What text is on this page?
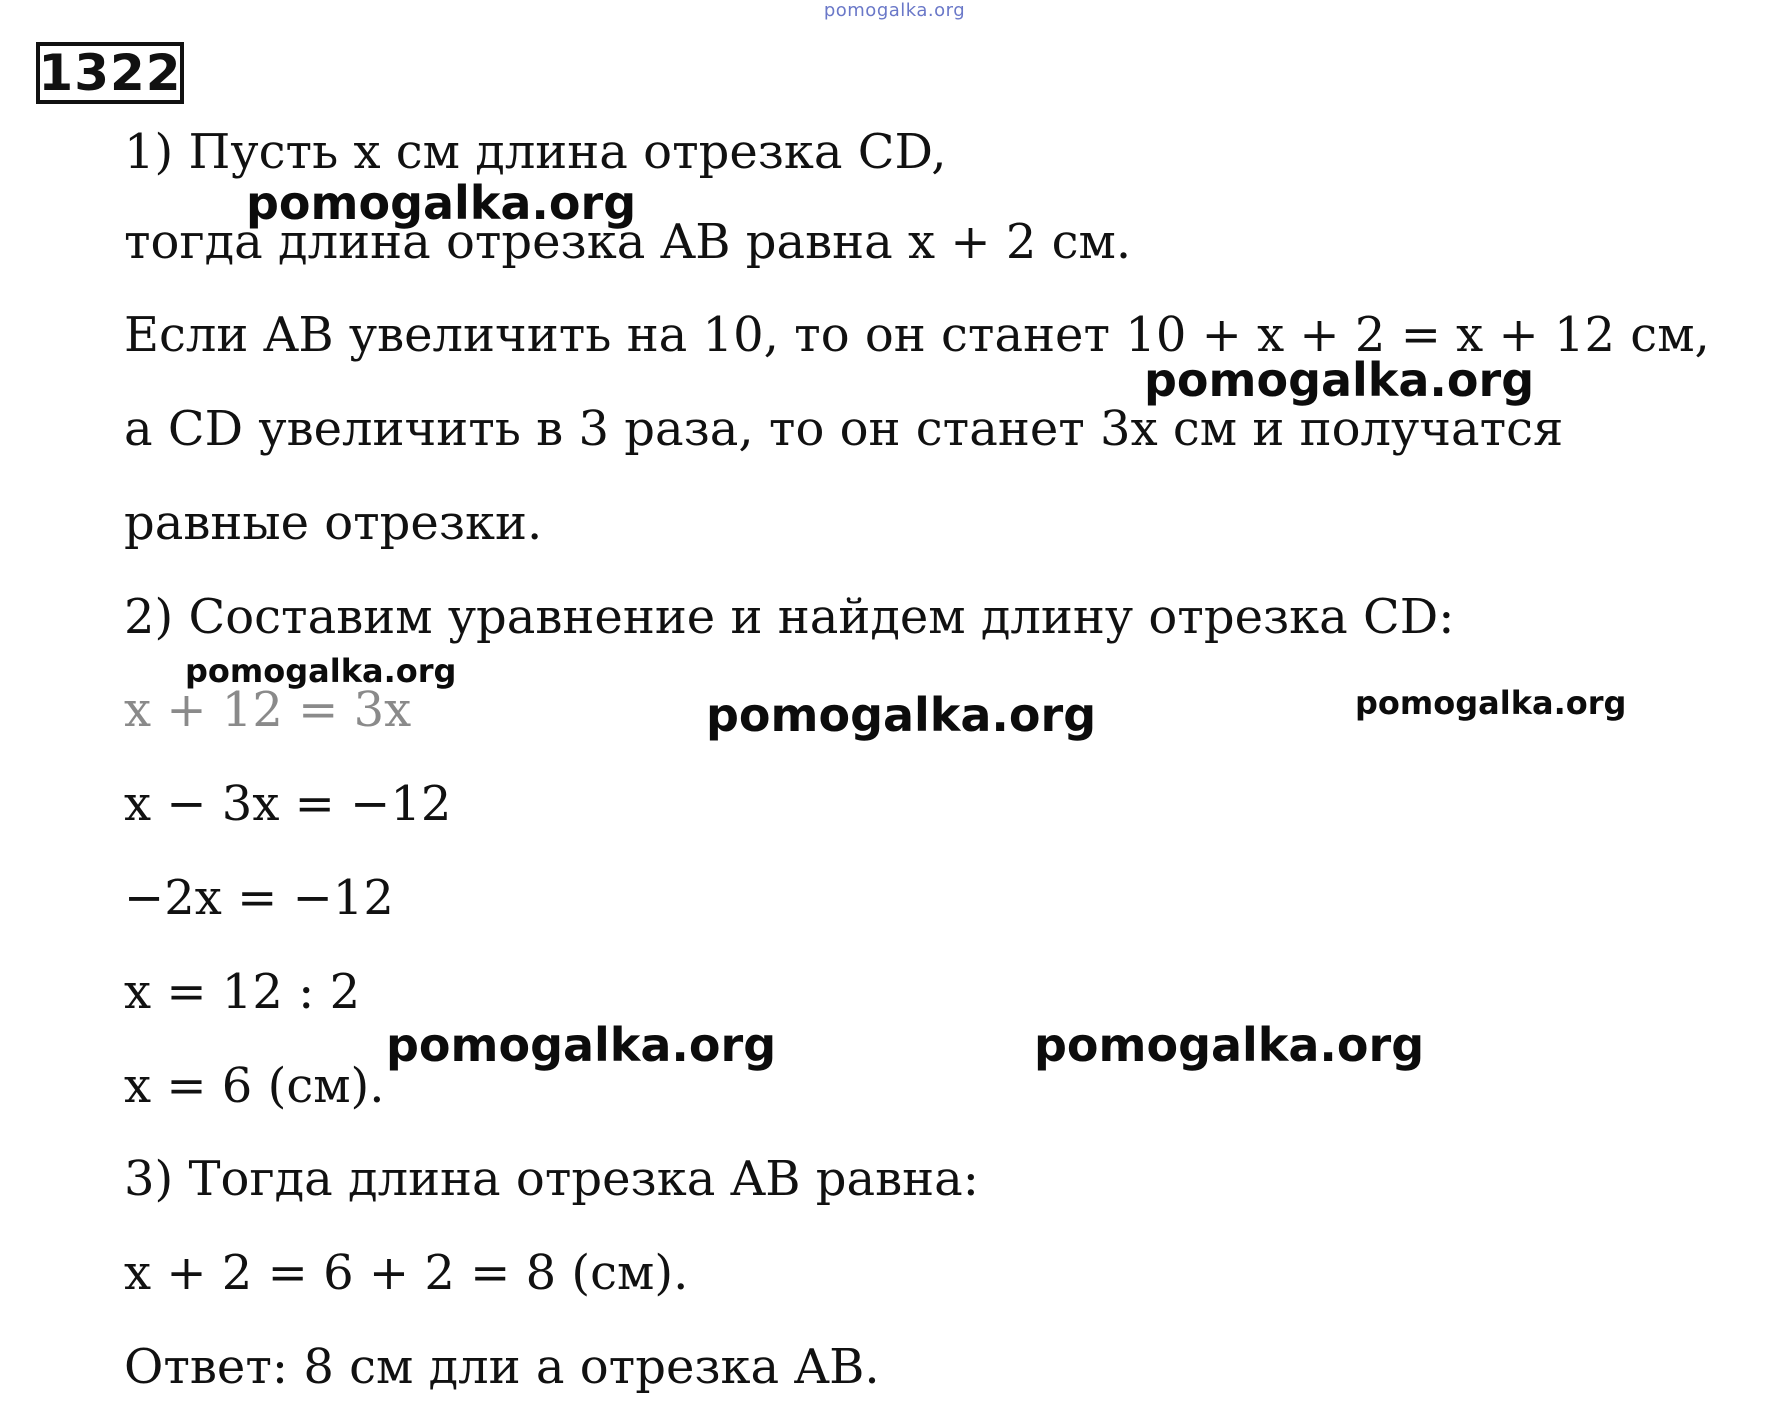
pomogalka.org
1322
1) Пусть x см длина отрезка CD,
тогда длина отрезка AB равна x + 2 см.
Если AB увеличить на 10, то он станет 10 + x + 2 = x + 12 см,
а CD увеличить в 3 раза, то он станет 3x см и получатся
равные отрезки.
2) Составим уравнение и найдем длину отрезка CD:
x + 12 = 3x
x − 3x = −12
−2x = −12
x = 12 : 2
x = 6 (см).
3) Тогда длина отрезка AB равна:
x + 2 = 6 + 2 = 8 (см).
Ответ: 8 см дли а отрезка AB.
pomogalka.org
pomogalka.org
pomogalka.org
pomogalka.org	pomogalka.org
pomogalka.org	pomogalka.org
